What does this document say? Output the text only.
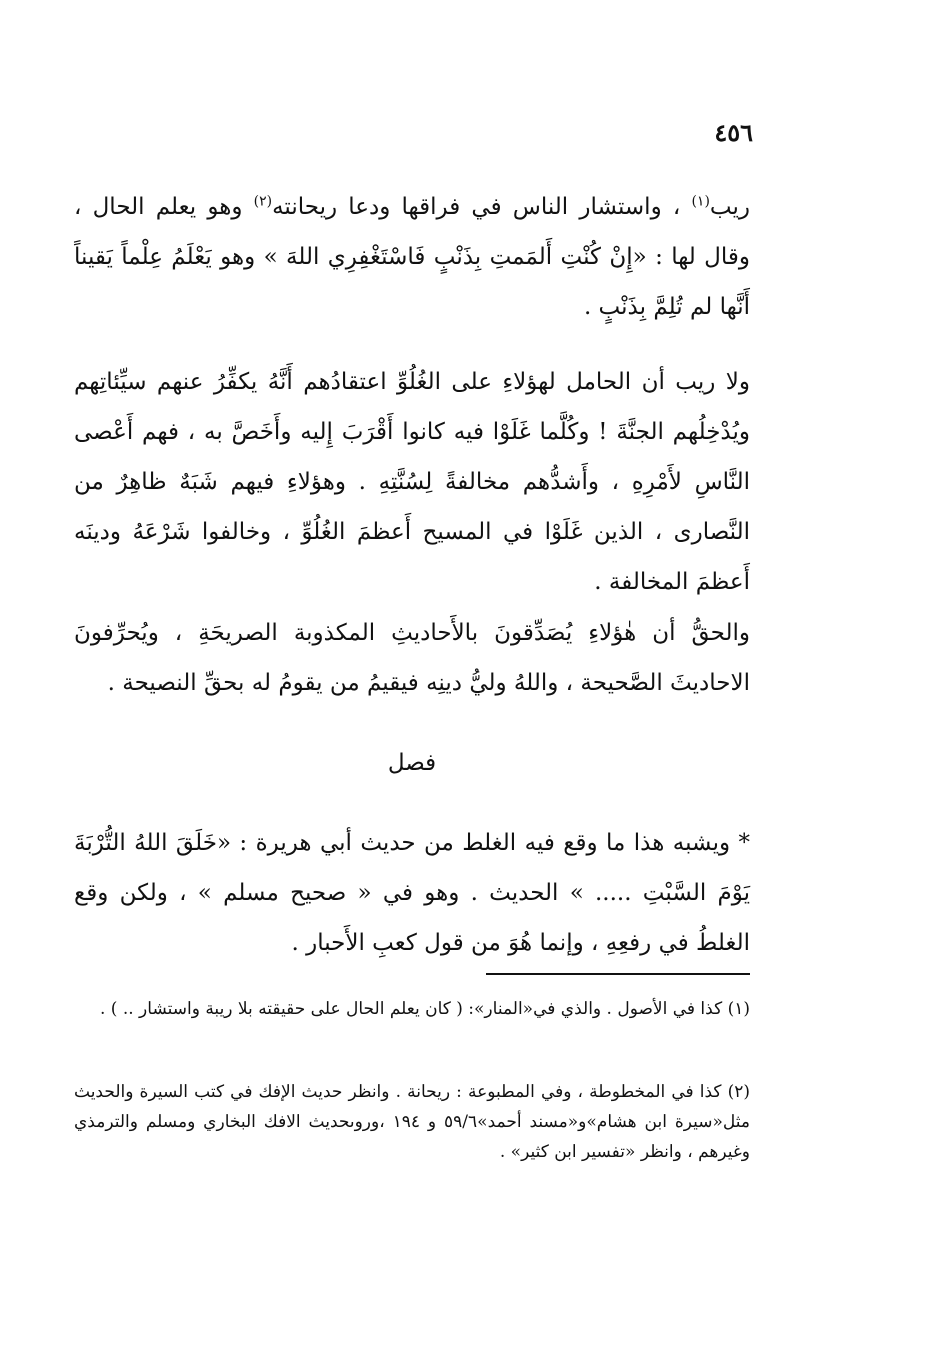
٤٥٦
ريب$^{(١)}$ ، واستشار الناس في فراقها ودعا ريحانته$^{(٢)}$ وهو يعلم الحال ، وقال لها : «إِنْ كُنْتِ أَلمَمتِ بِذَنْبٍ فَاسْتَغْفِرِي اللهَ » وهو يَعْلَمُ عِلْماً يَقيناً أَنَّها لم تُلِمَّ بِذَنْبٍ .
ولا ريب أن الحامل لهؤلاءِ على الغُلُوِّ اعتقادُهم أَنَّهُ يكفِّرُ عنهم سيِّئاتِهم ويُدْخِلُهم الجنَّةَ ! وكُلَّما غَلَوْا فيه كانوا أَقْرَبَ إِليه وأَخَصَّ به ، فهم أَعْصى النَّاسِ لأَمْرِهِ ، وأَشدُّهم مخالفةً لِسُنَّتِهِ . وهؤلاءِ فيهم شَبَهٌ ظاهِرٌ من النَّصارى ، الذين غَلَوْا في المسيح أَعظمَ الغُلُوِّ ، وخالفوا شَرْعَهُ ودينَه أَعظمَ المخالفة .
والحقُّ أن هٰؤلاءِ يُصَدِّقونَ بالأَحاديثِ المكذوبة الصريحَةِ ، ويُحرِّفونَ الاحاديثَ الصَّحيحة ، واللهُ وليُّ دينِه فيقيمُ من يقومُ له بحقِّ النصيحة .
فصل
* ويشبه هذا ما وقع فيه الغلط من حديث أبي هريرة : «خَلَقَ اللهُ التُّرْبَةَ يَوْمَ السَّبْتِ ..... » الحديث . وهو في « صحيح مسلم » ، ولكن وقع الغلطُ في رفعِهِ ، وإنما هُوَ من قول كعبِ الأَحبار .
(١) كذا في الأصول . والذي في«المنار»: ( كان يعلم الحال على حقيقته بلا ريبة واستشار .. ) .
(٢) كذا في المخطوطة ، وفي المطبوعة : ريحانة . وانظر حديث الإفك في كتب السيرة والحديث مثل«سيرة ابن هشام»و«مسند أحمد»٥٩/٦ و ١٩٤ ،وروىحديث الافك البخاري ومسلم والترمذي وغيرهم ، وانظر «تفسير ابن كثير» .
